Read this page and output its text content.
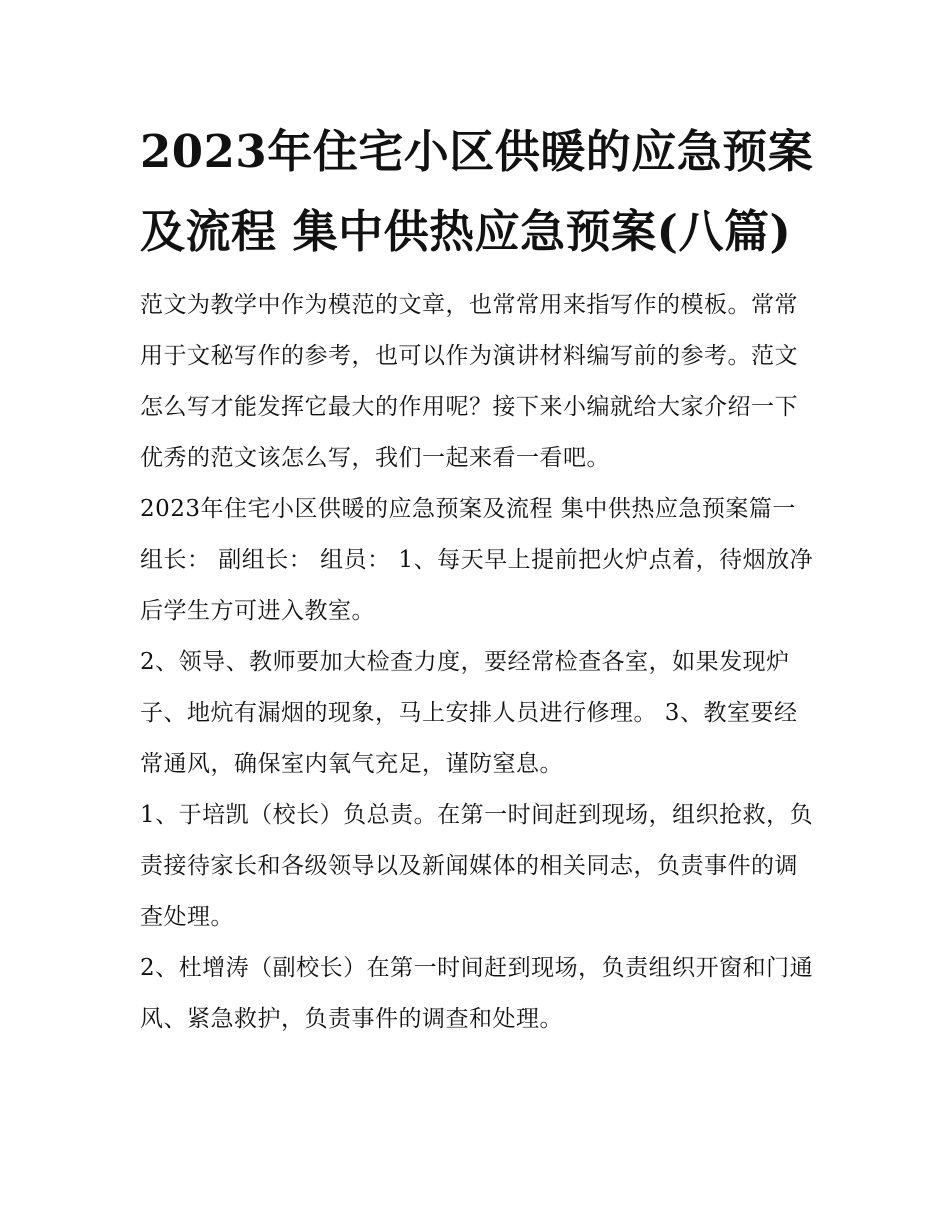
2023年住宅小区供暖的应急预案及流程 集中供热应急预案(八篇)

范文为教学中作为模范的文章，也常常用来指写作的模板。常常用于文秘写作的参考，也可以作为演讲材料编写前的参考。范文怎么写才能发挥它最大的作用呢？接下来小编就给大家介绍一下优秀的范文该怎么写，我们一起来看一看吧。

2023年住宅小区供暖的应急预案及流程 集中供热应急预案篇一 组长： 副组长： 组员： 1、每天早上提前把火炉点着，待烟放净后学生方可进入教室。

2、领导、教师要加大检查力度，要经常检查各室，如果发现炉子、地炕有漏烟的现象，马上安排人员进行修理。 3、教室要经常通风，确保室内氧气充足，谨防窒息。

1、于培凯（校长）负总责。在第一时间赶到现场，组织抢救，负责接待家长和各级领导以及新闻媒体的相关同志，负责事件的调查处理。

2、杜增涛（副校长）在第一时间赶到现场，负责组织开窗和门通风、紧急救护，负责事件的调查和处理。
